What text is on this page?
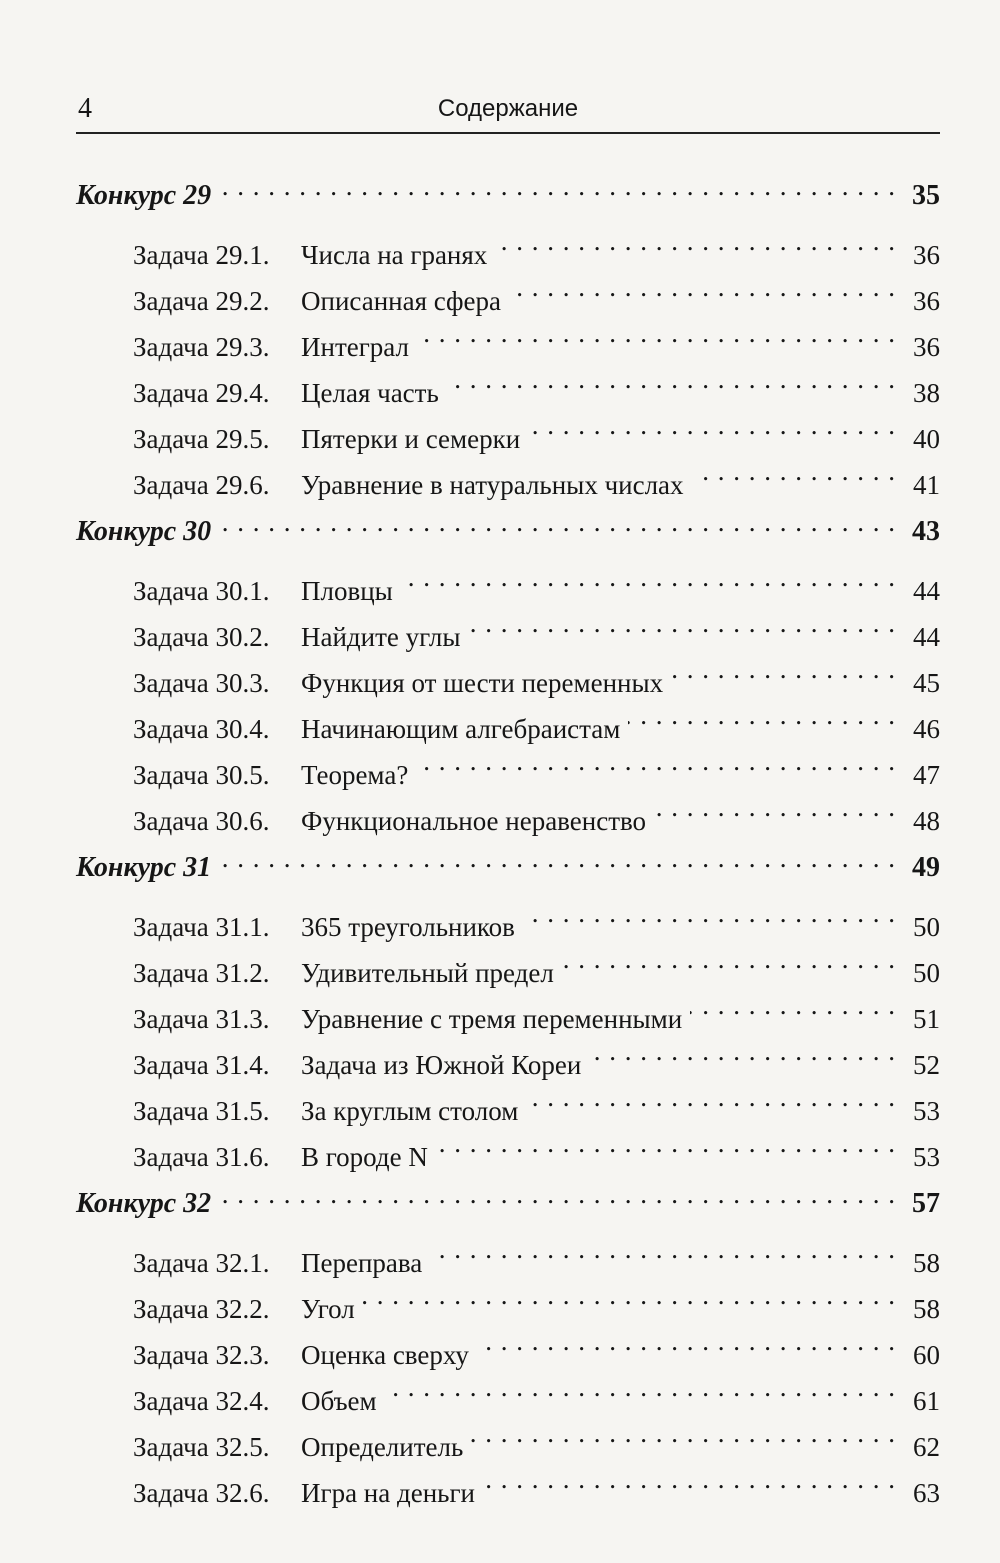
4	Содержание
Конкурс 29 . . .	35
Задача 29.1.	Числа на гранях . . .	36
Задача 29.2.	Описанная сфера . . .	36
Задача 29.3.	Интеграл . . .	36
Задача 29.4.	Целая часть . . .	38
Задача 29.5.	Пятерки и семерки . . .	40
Задача 29.6.	Уравнение в натуральных числах . . .	41
Конкурс 30 . . .	43
Задача 30.1.	Пловцы . . .	44
Задача 30.2.	Найдите углы . . .	44
Задача 30.3.	Функция от шести переменных . . .	45
Задача 30.4.	Начинающим алгебраистам . . .	46
Задача 30.5.	Теорема? . . .	47
Задача 30.6.	Функциональное неравенство . . .	48
Конкурс 31 . . .	49
Задача 31.1.	365 треугольников . . .	50
Задача 31.2.	Удивительный предел . . .	50
Задача 31.3.	Уравнение с тремя переменными . . .	51
Задача 31.4.	Задача из Южной Кореи . . .	52
Задача 31.5.	За круглым столом . . .	53
Задача 31.6.	В городе N . . .	53
Конкурс 32 . . .	57
Задача 32.1.	Переправа . . .	58
Задача 32.2.	Угол . . .	58
Задача 32.3.	Оценка сверху . . .	60
Задача 32.4.	Объем . . .	61
Задача 32.5.	Определитель . . .	62
Задача 32.6.	Игра на деньги . . .	63
